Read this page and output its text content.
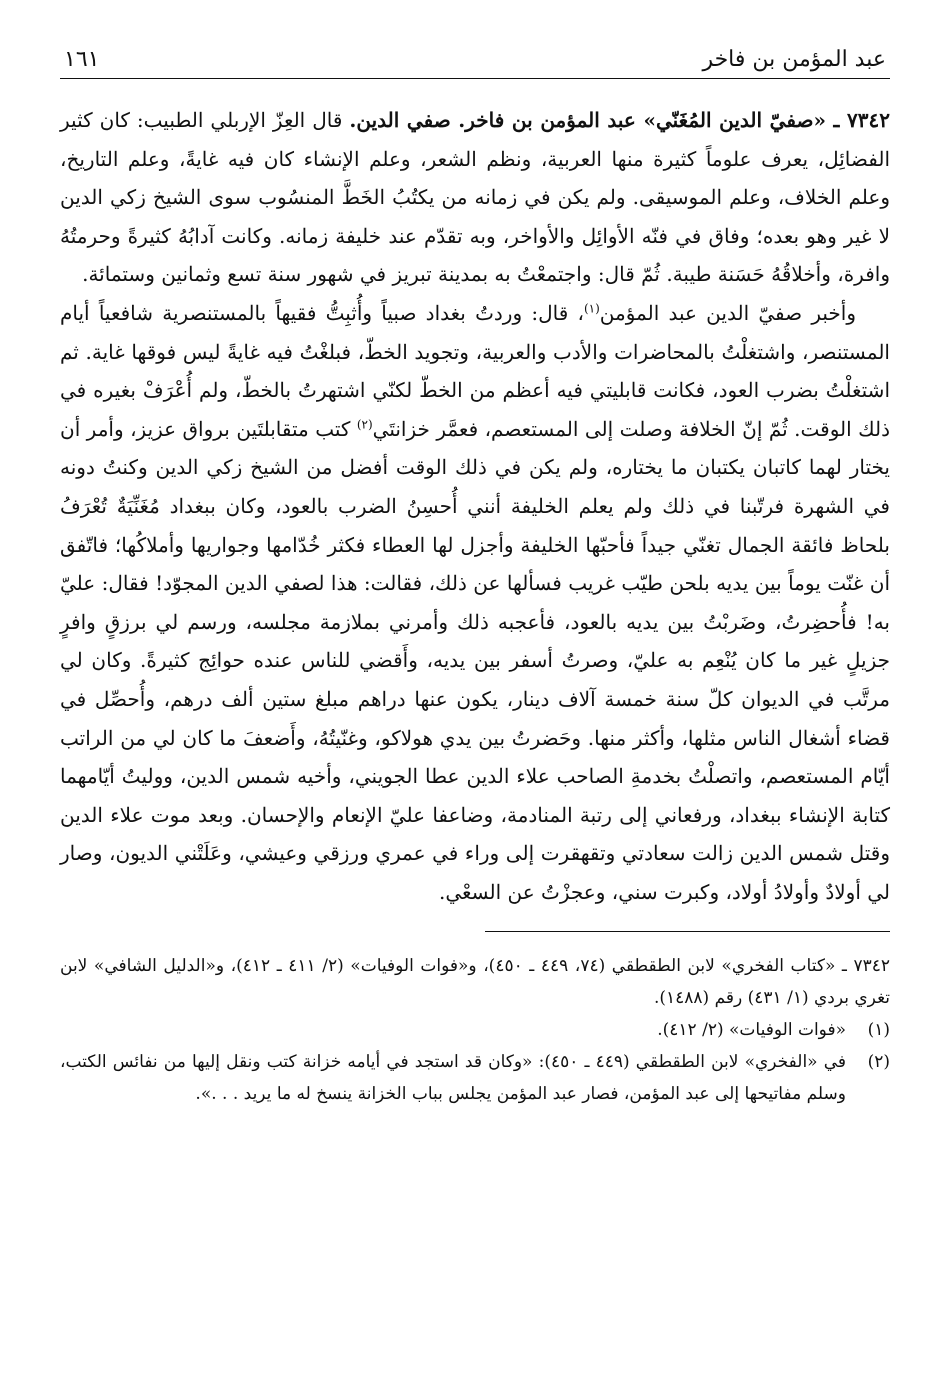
عبد المؤمن بن فاخر
١٦١

٧٣٤٢ ـ «صفيّ الدين المُغَنّي» عبد المؤمن بن فاخر. صفي الدين. قال العِزّ الإربلي الطبيب: كان كثير الفضائِل، يعرف علوماً كثيرة منها العربية، ونظم الشعر، وعلم الإنشاء كان فيه غايةً، وعلم التاريخ، وعلم الخلاف، وعلم الموسيقى. ولم يكن في زمانه من يكتُبُ الخَطَّ المنسُوب سوى الشيخ زكي الدين لا غير وهو بعده؛ وفاق في فنّه الأوائِل والأواخر، وبه تقدّم عند خليفة زمانه. وكانت آدابُهُ كثيرةً وحرمتُهُ وافرة، وأخلاقُهُ حَسَنة طيبة. ثُمّ قال: واجتمعْتُ به بمدينة تبريز في شهور سنة تسع وثمانين وستمائة.

وأخبر صفيّ الدين عبد المؤمن$^{(١)}$، قال: وردتُ بغداد صبياً وأُثبِتُّ فقيهاً بالمستنصرية شافعياً أيام المستنصر، واشتغلْتُ بالمحاضرات والأدب والعربية، وتجويد الخطّ، فبلغْتُ فيه غايةً ليس فوقها غاية. ثم اشتغلْتُ بضرب العود، فكانت قابليتي فيه أعظم من الخطّ لكنّي اشتهرتُ بالخطّ، ولم أُعْرَفْ بغيره في ذلك الوقت. ثُمّ إنّ الخلافة وصلت إلى المستعصم، فعمَّر خزانتَي$^{(٢)}$ كتب متقابلتَين برواق عزيز، وأمر أن يختار لهما كاتبان يكتبان ما يختاره، ولم يكن في ذلك الوقت أفضل من الشيخ زكي الدين وكنتُ دونه في الشهرة فرتّبنا في ذلك ولم يعلم الخليفة أنني أُحسِنُ الضرب بالعود، وكان ببغداد مُغَنِّيَةٌ تُعْرَفُ بلحاظ فائقة الجمال تغنّي جيداً فأحبّها الخليفة وأجزل لها العطاء فكثر خُدّامها وجواريها وأملاكُها؛ فاتّفق أن غنّت يوماً بين يديه بلحن طيّب غريب فسألها عن ذلك، فقالت: هذا لصفي الدين المجوّد! فقال: عليّ به! فأُحضِرتُ، وضَربْتُ بين يديه بالعود، فأعجبه ذلك وأمرني بملازمة مجلسه، ورسم لي برزقٍ وافرٍ جزيلٍ غير ما كان يُنْعِم به عليّ، وصرتُ أسفر بين يديه، وأَقضي للناس عنده حوائِج كثيرةً. وكان لي مرتَّب في الديوان كلّ سنة خمسة آلاف دينار، يكون عنها دراهم مبلغ ستين ألف درهم، وأُحصِّل في قضاء أشغال الناس مثلها، وأكثر منها. وحَضرتُ بين يدي هولاكو، وغنّيتُهُ، وأَضعفَ ما كان لي من الراتب أيّام المستعصم، واتصلْتُ بخدمةِ الصاحب علاء الدين عطا الجويني، وأخيه شمس الدين، ووليتُ أيّامهما كتابة الإنشاء ببغداد، ورفعاني إلى رتبة المنادمة، وضاعفا عليّ الإنعام والإحسان. وبعد موت علاء الدين وقتل شمس الدين زالت سعادتي وتقهقرت إلى وراء في عمري ورزقي وعيشي، وعَلَتْني الديون، وصار لي أولادٌ وأولادُ أولاد، وكبرت سني، وعجزْتُ عن السعْي.

٧٣٤٢ ـ «كتاب الفخري» لابن الطقطقي (٧٤، ٤٤٩ ـ ٤٥٠)، و«فوات الوفيات» (٢/ ٤١١ ـ ٤١٢)، و«الدليل الشافي» لابن تغري بردي (١/ ٤٣١) رقم (١٤٨٨).

(١)
«فوات الوفيات» (٢/ ٤١٢).
(٢)
في «الفخري» لابن الطقطقي (٤٤٩ ـ ٤٥٠): «وكان قد استجد في أيامه خزانة كتب ونقل إليها من نفائس الكتب، وسلم مفاتيحها إلى عبد المؤمن، فصار عبد المؤمن يجلس بباب الخزانة ينسخ له ما يريد . . .».
